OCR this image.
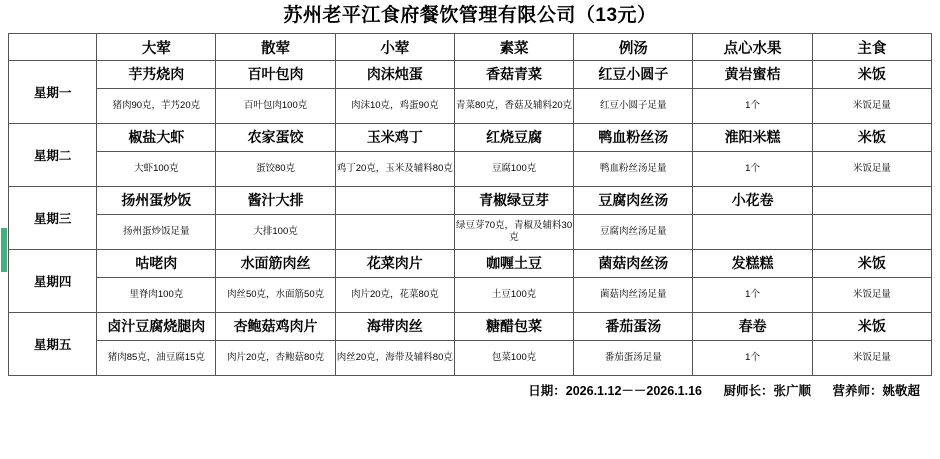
苏州老平江食府餐饮管理有限公司（13元）
	大荤	散荤	小荤	素菜	例汤	点心水果	主食
星期一	芋艿烧肉	百叶包肉	肉沫炖蛋	香菇青菜	红豆小圆子	黄岩蜜桔	米饭
	猪肉90克，芋艿20克	百叶包肉100克	肉沫10克，鸡蛋90克	青菜80克，香菇及辅料20克	红豆小圆子足量	1个	米饭足量
星期二	椒盐大虾	农家蛋饺	玉米鸡丁	红烧豆腐	鸭血粉丝汤	淮阳米糕	米饭
	大虾100克	蛋饺80克	鸡丁20克，玉米及辅料80克	豆腐100克	鸭血粉丝汤足量	1个	米饭足量
星期三	扬州蛋炒饭	酱汁大排		青椒绿豆芽	豆腐肉丝汤	小花卷	
	扬州蛋炒饭足量	大排100克		绿豆芽70克，青椒及辅料30克	豆腐肉丝汤足量		
星期四	咕咾肉	水面筋肉丝	花菜肉片	咖喱土豆	菌菇肉丝汤	发糕糕	米饭
	里脊肉100克	肉丝50克，水面筋50克	肉片20克，花菜80克	土豆100克	菌菇肉丝汤足量	1个	米饭足量
星期五	卤汁豆腐烧腿肉	杏鲍菇鸡肉片	海带肉丝	糖醋包菜	番茄蛋汤	春卷	米饭
	猪肉85克，油豆腐15克	肉片20克，杏鲍菇80克	肉丝20克，海带及辅料80克	包菜100克	番茄蛋汤足量	1个	米饭足量
日期：2026.1.12－－2026.1.16 厨师长：张广顺 营养师：姚敬超
